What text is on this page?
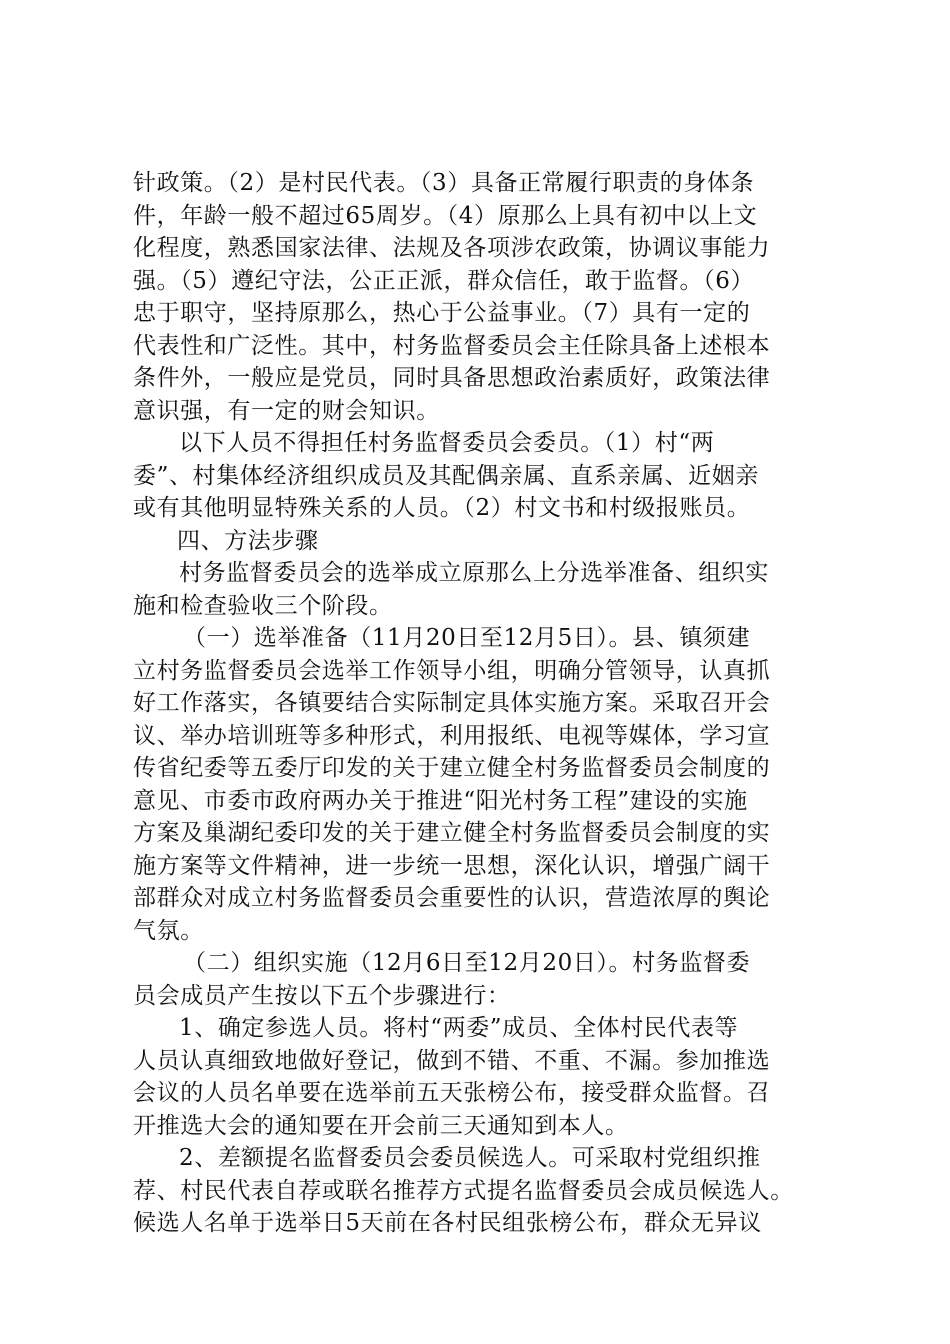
针政策。（2）是村民代表。（3）具备正常履行职责的身体条
件，年龄一般不超过65周岁。（4）原那么上具有初中以上文
化程度，熟悉国家法律、法规及各项涉农政策，协调议事能力
强。（5）遵纪守法，公正正派，群众信任，敢于监督。（6）
忠于职守，坚持原那么，热心于公益事业。（7）具有一定的
代表性和广泛性。其中，村务监督委员会主任除具备上述根本
条件外，一般应是党员，同时具备思想政治素质好，政策法律
意识强，有一定的财会知识。
以下人员不得担任村务监督委员会委员。（1）村“两
委”、村集体经济组织成员及其配偶亲属、直系亲属、近姻亲
或有其他明显特殊关系的人员。（2）村文书和村级报账员。
四、方法步骤
村务监督委员会的选举成立原那么上分选举准备、组织实
施和检查验收三个阶段。
（一）选举准备（11月20日至12月5日）。县、镇须建
立村务监督委员会选举工作领导小组，明确分管领导，认真抓
好工作落实，各镇要结合实际制定具体实施方案。采取召开会
议、举办培训班等多种形式，利用报纸、电视等媒体，学习宣
传省纪委等五委厅印发的关于建立健全村务监督委员会制度的
意见、市委市政府两办关于推进“阳光村务工程”建设的实施
方案及巢湖纪委印发的关于建立健全村务监督委员会制度的实
施方案等文件精神，进一步统一思想，深化认识，增强广阔干
部群众对成立村务监督委员会重要性的认识，营造浓厚的舆论
气氛。
（二）组织实施（12月6日至12月20日）。村务监督委
员会成员产生按以下五个步骤进行：
1、确定参选人员。将村“两委”成员、全体村民代表等
人员认真细致地做好登记，做到不错、不重、不漏。参加推选
会议的人员名单要在选举前五天张榜公布，接受群众监督。召
开推选大会的通知要在开会前三天通知到本人。
2、差额提名监督委员会委员候选人。可采取村党组织推
荐、村民代表自荐或联名推荐方式提名监督委员会成员候选人。
候选人名单于选举日5天前在各村民组张榜公布，群众无异议
